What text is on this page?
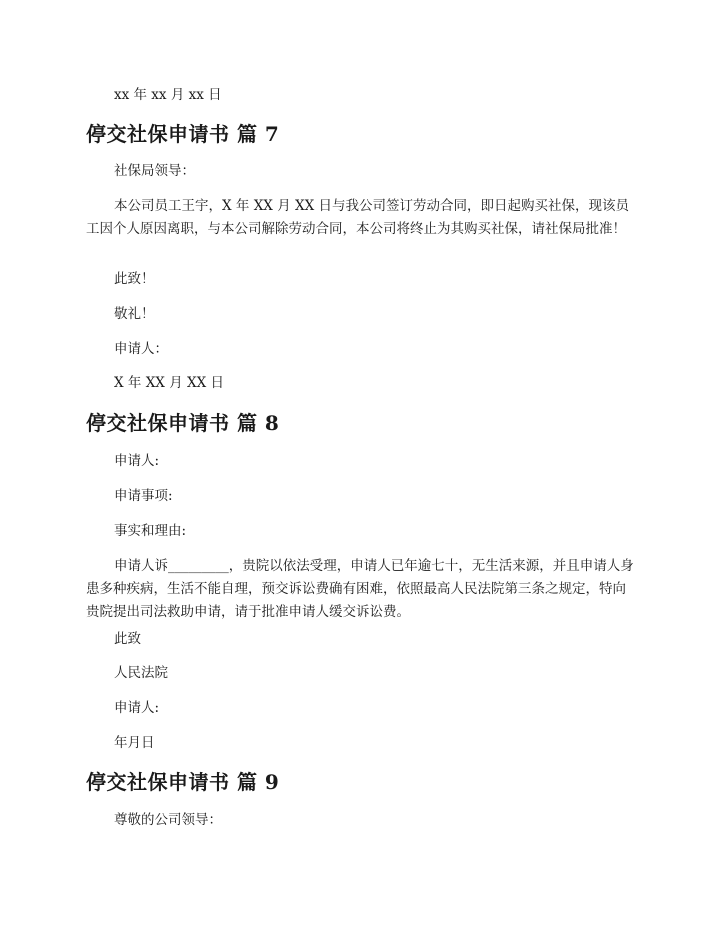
xx 年 xx 月 xx 日

停交社保申请书 篇 7

社保局领导：

本公司员工王宇，X 年 XX 月 XX 日与我公司签订劳动合同，即日起购买社保，现该员工因个人原因离职，与本公司解除劳动合同，本公司将终止为其购买社保，请社保局批准！

此致！

敬礼！

申请人：

X 年 XX 月 XX 日

停交社保申请书 篇 8

申请人:

申请事项:

事实和理由:

申请人诉_________，贵院以依法受理，申请人已年逾七十，无生活来源，并且申请人身患多种疾病，生活不能自理，预交诉讼费确有困难，依照最高人民法院第三条之规定，特向贵院提出司法救助申请，请于批准申请人缓交诉讼费。

此致

人民法院

申请人:

年月日

停交社保申请书 篇 9

尊敬的公司领导：
